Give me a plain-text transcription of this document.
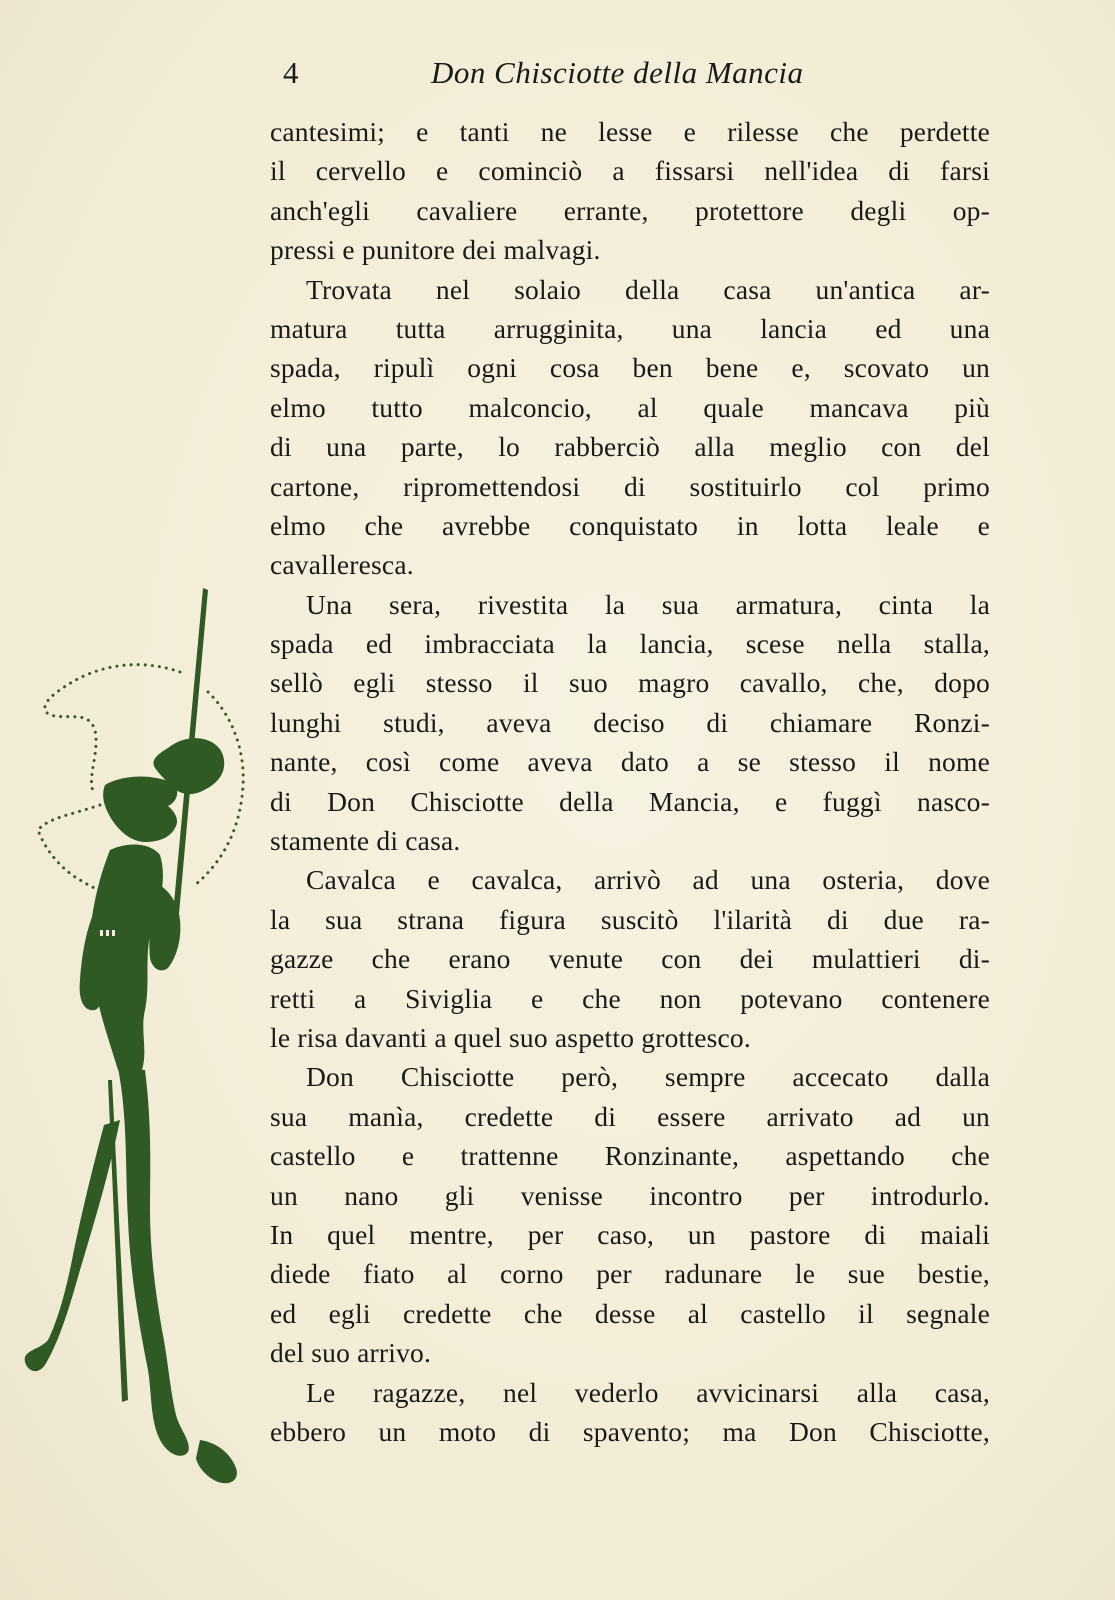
4	Don Chisciotte della Mancia
cantesimi; e tanti ne lesse e rilesse che perdette
il cervello e cominciò a fissarsi nell'idea di farsi
anch'egli cavaliere errante, protettore degli op-
pressi e punitore dei malvagi.
Trovata nel solaio della casa un'antica ar-
matura tutta arrugginita, una lancia ed una
spada, ripulì ogni cosa ben bene e, scovato un
elmo tutto malconcio, al quale mancava più
di una parte, lo rabberciò alla meglio con del
cartone, ripromettendosi di sostituirlo col primo
elmo che avrebbe conquistato in lotta leale e
cavalleresca.
Una sera, rivestita la sua armatura, cinta la
spada ed imbracciata la lancia, scese nella stalla,
sellò egli stesso il suo magro cavallo, che, dopo
lunghi studi, aveva deciso di chiamare Ronzi-
nante, così come aveva dato a se stesso il nome
di Don Chisciotte della Mancia, e fuggì nasco-
stamente di casa.
Cavalca e cavalca, arrivò ad una osteria, dove
la sua strana figura suscitò l'ilarità di due ra-
gazze che erano venute con dei mulattieri di-
retti a Siviglia e che non potevano contenere
le risa davanti a quel suo aspetto grottesco.
Don Chisciotte però, sempre accecato dalla
sua manìa, credette di essere arrivato ad un
castello e trattenne Ronzinante, aspettando che
un nano gli venisse incontro per introdurlo.
In quel mentre, per caso, un pastore di maiali
diede fiato al corno per radunare le sue bestie,
ed egli credette che desse al castello il segnale
del suo arrivo.
Le ragazze, nel vederlo avvicinarsi alla casa,
ebbero un moto di spavento; ma Don Chisciotte,
